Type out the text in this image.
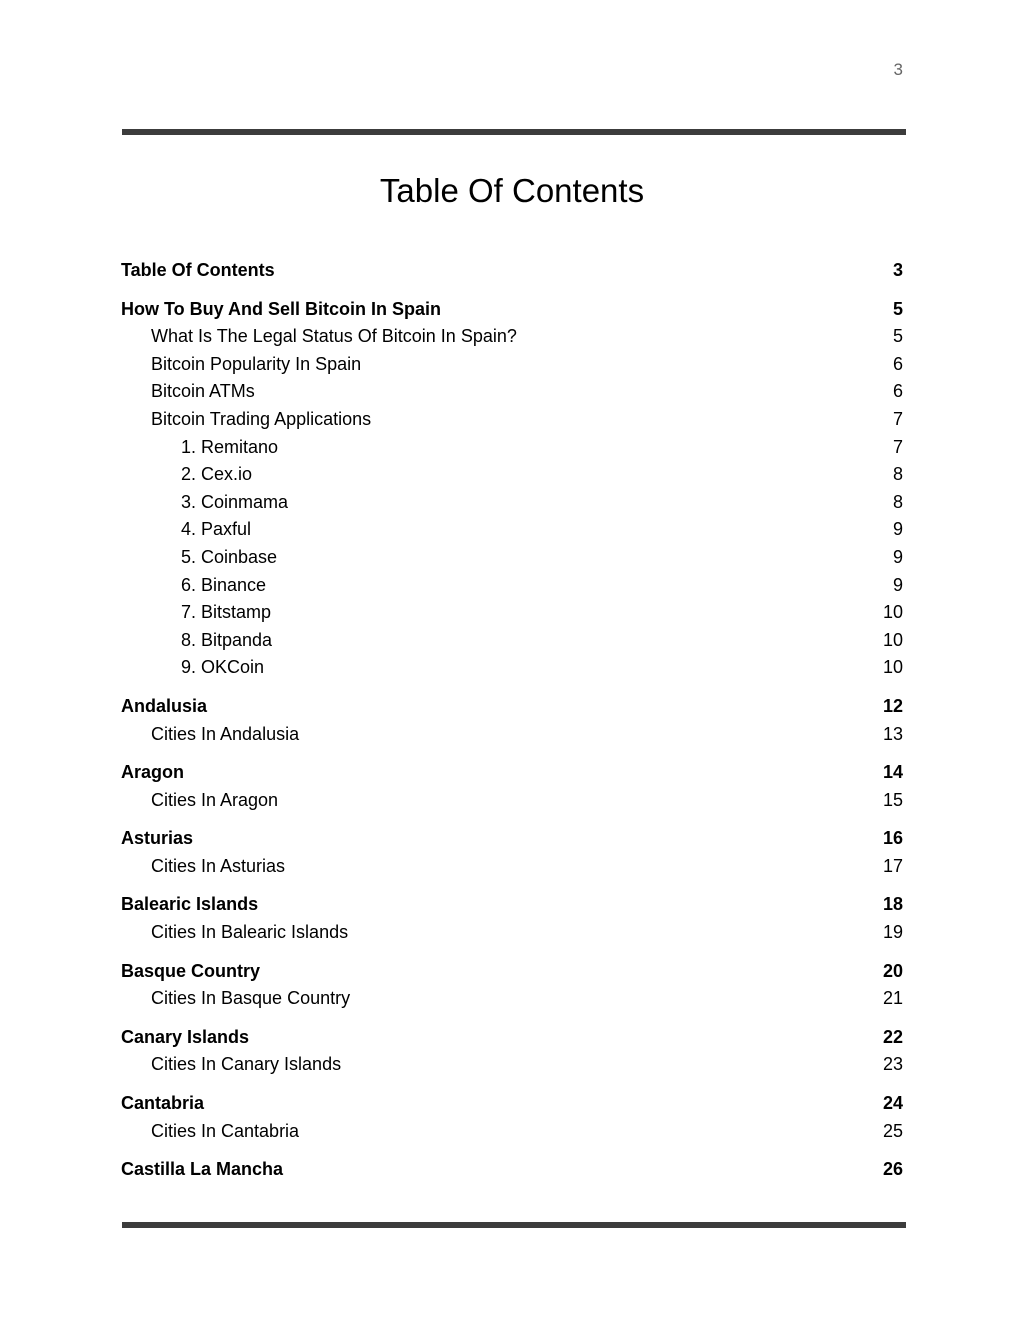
3
Table Of Contents
Table Of Contents	3
How To Buy And Sell Bitcoin In Spain	5
What Is The Legal Status Of Bitcoin In Spain?	5
Bitcoin Popularity In Spain	6
Bitcoin ATMs	6
Bitcoin Trading Applications	7
1. Remitano	7
2. Cex.io	8
3. Coinmama	8
4. Paxful	9
5. Coinbase	9
6. Binance	9
7. Bitstamp	10
8. Bitpanda	10
9. OKCoin	10
Andalusia	12
Cities In Andalusia	13
Aragon	14
Cities In Aragon	15
Asturias	16
Cities In Asturias	17
Balearic Islands	18
Cities In Balearic Islands	19
Basque Country	20
Cities In Basque Country	21
Canary Islands	22
Cities In Canary Islands	23
Cantabria	24
Cities In Cantabria	25
Castilla La Mancha	26
